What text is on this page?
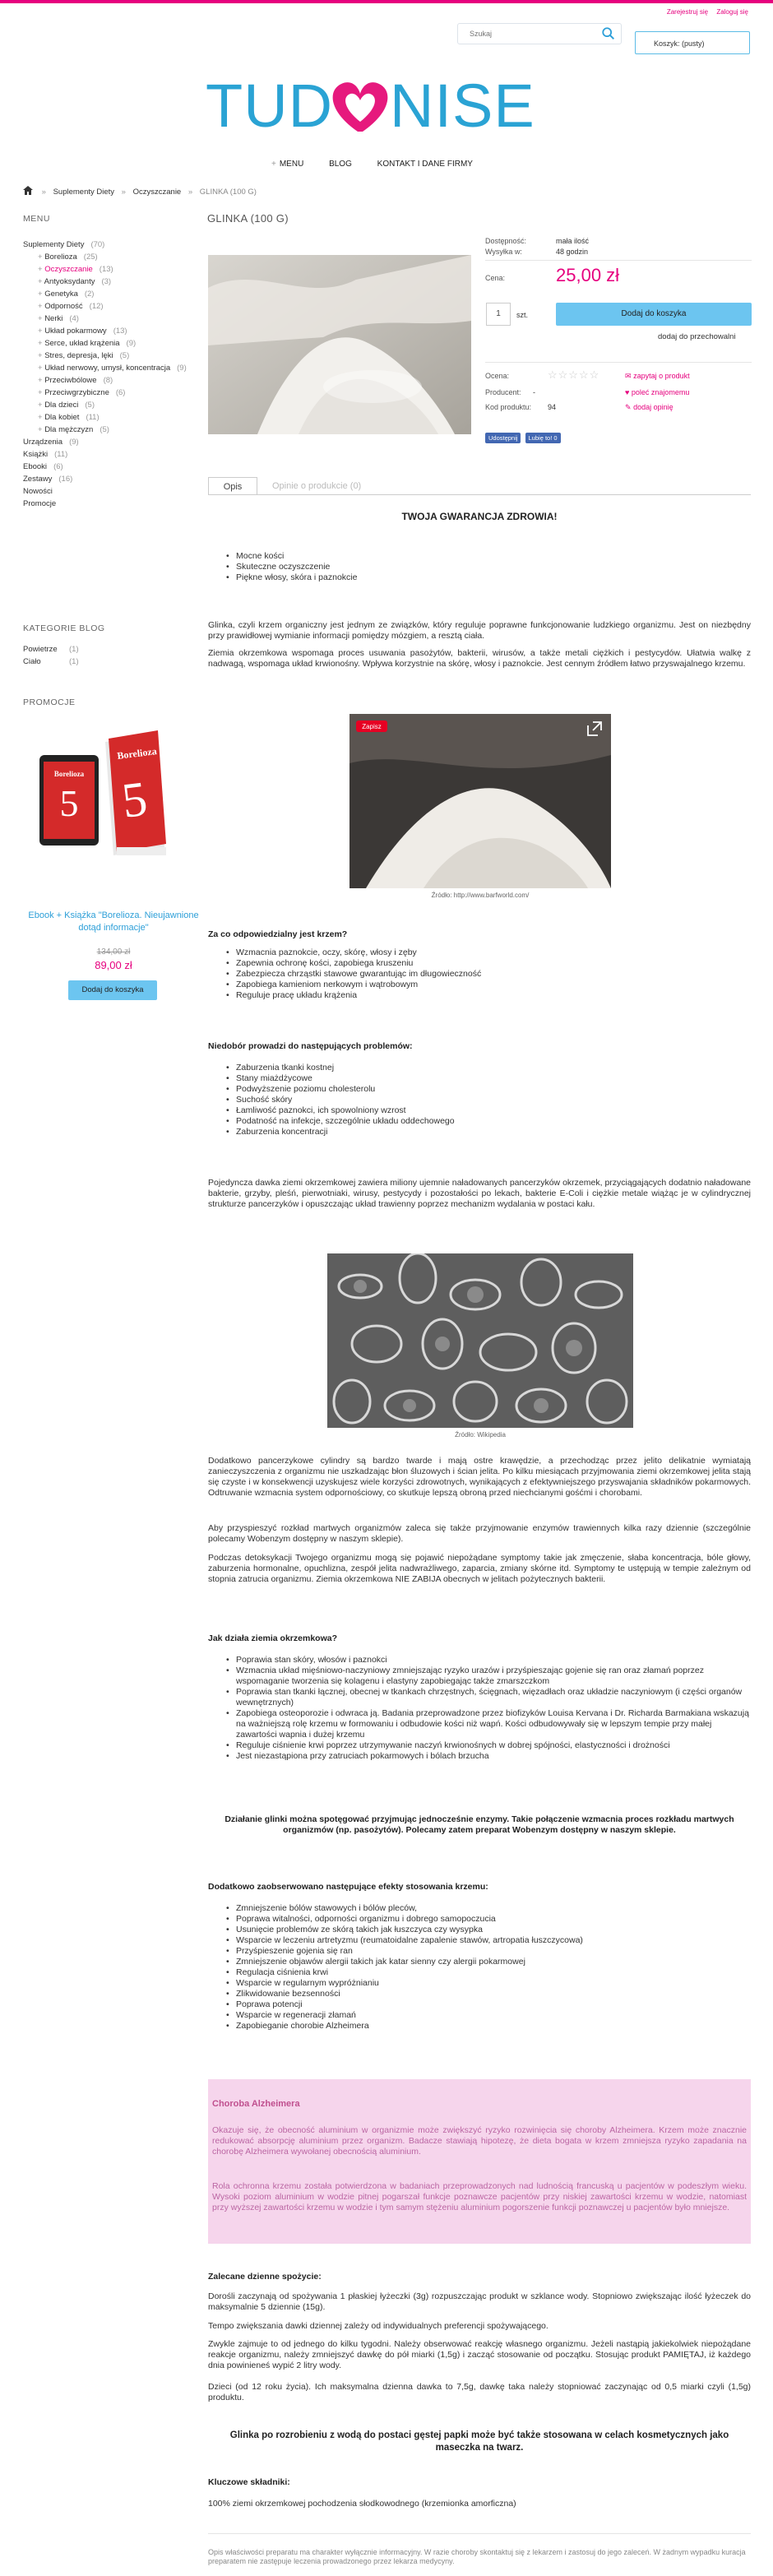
Zarejestruj się Zaloguj się
Szukaj
Koszyk: (pusty)
TUD NISE
+ MENU	BLOG	KONTAKT I DANE FIRMY
» Suplementy Diety » Oczyszczanie » GLINKA (100 G)
MENU
Suplementy Diety (70)
+ Borelioza (25)
+ Oczyszczanie (13)
+ Antyoksydanty (3)
+ Genetyka (2)
+ Odporność (12)
+ Nerki (4)
+ Układ pokarmowy (13)
+ Serce, układ krążenia (9)
+ Stres, depresja, lęki (5)
+ Układ nerwowy, umysł, koncentracja (9)
+ Przeciwbólowe (8)
+ Przeciwgrzybiczne (6)
+ Dla dzieci (5)
+ Dla kobiet (11)
+ Dla mężczyzn (5)
Urządzenia (9)
Książki (11)
Ebooki (6)
Zestawy (16)
Nowości
Promocje
KATEGORIE BLOG
Powietrze (1)
Ciało	(1)
PROMOCJE
Borelioza
5
Borelioza
5
Ebook + Książka "Borelioza. Nieujawnione dotąd informacje"
134,00 zł
89,00 zł
Dodaj do koszyka
GLINKA (100 G)
Dostępność:	mała ilość
Wysyłka w:	48 godzin
Cena:	25,00 zł
1	szt.	Dodaj do koszyka
dodaj do przechowalni
Ocena:	☆☆☆☆☆
Producent: -
Kod produktu: 94
✉ zapytaj o produkt
♥ poleć znajomemu
✎ dodaj opinię
Udostępnij Lubię to! 0
Opis	Opinie o produkcie (0)
TWOJA GWARANCJA ZDROWIA!
• Mocne kości
• Skuteczne oczyszczenie
• Piękne włosy, skóra i paznokcie
Glinka, czyli krzem organiczny jest jednym ze związków, który reguluje poprawne funkcjonowanie ludzkiego organizmu. Jest on niezbędny przy prawidłowej wymianie informacji pomiędzy mózgiem, a resztą ciała.
Ziemia okrzemkowa wspomaga proces usuwania pasożytów, bakterii, wirusów, a także metali ciężkich i pestycydów. Ułatwia walkę z nadwagą, wspomaga układ krwionośny. Wpływa korzystnie na skórę, włosy i paznokcie. Jest cennym źródłem łatwo przyswajalnego krzemu.
Zapisz
Źródło: http://www.barfworld.com/
Za co odpowiedzialny jest krzem?
• Wzmacnia paznokcie, oczy, skórę, włosy i zęby
• Zapewnia ochronę kości, zapobiega kruszeniu
• Zabezpiecza chrząstki stawowe gwarantując im długowieczność
• Zapobiega kamieniom nerkowym i wątrobowym
• Reguluje pracę układu krążenia
Niedobór prowadzi do następujących problemów:
• Zaburzenia tkanki kostnej
• Stany miażdżycowe
• Podwyższenie poziomu cholesterolu
• Suchość skóry
• Łamliwość paznokci, ich spowolniony wzrost
• Podatność na infekcje, szczególnie układu oddechowego
• Zaburzenia koncentracji
Pojedyncza dawka ziemi okrzemkowej zawiera miliony ujemnie naładowanych pancerzyków okrzemek, przyciągających dodatnio naładowane bakterie, grzyby, pleśń, pierwotniaki, wirusy, pestycydy i pozostałości po lekach, bakterie E-Coli i ciężkie metale wiążąc je w cylindrycznej strukturze pancerzyków i opuszczając układ trawienny poprzez mechanizm wydalania w postaci kału.
Źródło: Wikipedia
Dodatkowo pancerzykowe cylindry są bardzo twarde i mają ostre krawędzie, a przechodząc przez jelito delikatnie wymiatają zanieczyszczenia z organizmu nie uszkadzając błon śluzowych i ścian jelita. Po kilku miesiącach przyjmowania ziemi okrzemkowej jelita stają się czyste i w konsekwencji uzyskujesz wiele korzyści zdrowotnych, wynikających z efektywniejszego przyswajania składników pokarmowych. Odtruwanie wzmacnia system odpornościowy, co skutkuje lepszą obroną przed niechcianymi gośćmi i chorobami.
Aby przyspieszyć rozkład martwych organizmów zaleca się także przyjmowanie enzymów trawiennych kilka razy dziennie (szczególnie polecamy Wobenzym dostępny w naszym sklepie).
Podczas detoksykacji Twojego organizmu mogą się pojawić niepożądane symptomy takie jak zmęczenie, słaba koncentracja, bóle głowy, zaburzenia hormonalne, opuchlizna, zespół jelita nadwrażliwego, zaparcia, zmiany skórne itd. Symptomy te ustępują w tempie zależnym od stopnia zatrucia organizmu. Ziemia okrzemkowa NIE ZABIJA obecnych w jelitach pożytecznych bakterii.
Jak działa ziemia okrzemkowa?
• Poprawia stan skóry, włosów i paznokci
• Wzmacnia układ mięśniowo-naczyniowy zmniejszając ryzyko urazów i przyśpieszając gojenie się ran oraz złamań poprzez wspomaganie tworzenia się kolagenu i elastyny zapobiegając także zmarszczkom
• Poprawia stan tkanki łącznej, obecnej w tkankach chrzęstnych, ścięgnach, więzadłach oraz układzie naczyniowym (i części organów wewnętrznych)
• Zapobiega osteoporozie i odwraca ją. Badania przeprowadzone przez biofizyków Louisa Kervana i Dr. Richarda Barmakiana wskazują na ważniejszą rolę krzemu w formowaniu i odbudowie kości niż wapń. Kości odbudowywały się w lepszym tempie przy małej zawartości wapnia i dużej krzemu
• Reguluje ciśnienie krwi poprzez utrzymywanie naczyń krwionośnych w dobrej spójności, elastyczności i drożności
• Jest niezastąpiona przy zatruciach pokarmowych i bólach brzucha
Działanie glinki można spotęgować przyjmując jednocześnie enzymy. Takie połączenie wzmacnia proces rozkładu martwych organizmów (np. pasożytów). Polecamy zatem preparat Wobenzym dostępny w naszym sklepie.
Dodatkowo zaobserwowano następujące efekty stosowania krzemu:
• Zmniejszenie bólów stawowych i bólów pleców,
• Poprawa witalności, odporności organizmu i dobrego samopoczucia
• Usunięcie problemów ze skórą takich jak łuszczyca czy wysypka
• Wsparcie w leczeniu artretyzmu (reumatoidalne zapalenie stawów, artropatia łuszczycowa)
• Przyśpieszenie gojenia się ran
• Zmniejszenie objawów alergii takich jak katar sienny czy alergii pokarmowej
• Regulacja ciśnienia krwi
• Wsparcie w regularnym wypróżnianiu
• Zlikwidowanie bezsenności
• Poprawa potencji
• Wsparcie w regeneracji złamań
• Zapobieganie chorobie Alzheimera
Choroba Alzheimera
Okazuje się, że obecność aluminium w organizmie może zwiększyć ryzyko rozwinięcia się choroby Alzheimera. Krzem może znacznie redukować absorpcję aluminium przez organizm. Badacze stawiają hipotezę, że dieta bogata w krzem zmniejsza ryzyko zapadania na chorobę Alzheimera wywołanej obecnością aluminium.
Rola ochronna krzemu została potwierdzona w badaniach przeprowadzonych nad ludnością francuską u pacjentów w podeszłym wieku. Wysoki poziom aluminium w wodzie pitnej pogarszał funkcje poznawcze pacjentów przy niskiej zawartości krzemu w wodzie, natomiast przy wyższej zawartości krzemu w wodzie i tym samym stężeniu aluminium pogorszenie funkcji poznawczej u pacjentów było mniejsze.
Zalecane dzienne spożycie:
Dorośli zaczynają od spożywania 1 płaskiej łyżeczki (3g) rozpuszczając produkt w szklance wody. Stopniowo zwiększając ilość łyżeczek do maksymalnie 5 dziennie (15g).
Tempo zwiększania dawki dziennej zależy od indywidualnych preferencji spożywającego.
Zwykle zajmuje to od jednego do kilku tygodni. Należy obserwować reakcję własnego organizmu. Jeżeli nastąpią jakiekolwiek niepożądane reakcje organizmu, należy zmniejszyć dawkę do pół miarki (1,5g) i zacząć stosowanie od początku. Stosując produkt PAMIĘTAJ, iż każdego dnia powinieneś wypić 2 litry wody.
Dzieci (od 12 roku życia). Ich maksymalna dzienna dawka to 7,5g, dawkę taka należy stopniować zaczynając od 0,5 miarki czyli (1,5g) produktu.
Glinka po rozrobieniu z wodą do postaci gęstej papki może być także stosowana w celach kosmetycznych jako maseczka na twarz.
Kluczowe składniki:
100% ziemi okrzemkowej pochodzenia słodkowodnego (krzemionka amorficzna)
Opis właściwości preparatu ma charakter wyłącznie informacyjny. W razie choroby skontaktuj się z lekarzem i zastosuj do jego zaleceń. W żadnym wypadku kuracja preparatem nie zastępuje leczenia prowadzonego przez lekarza medycyny.
